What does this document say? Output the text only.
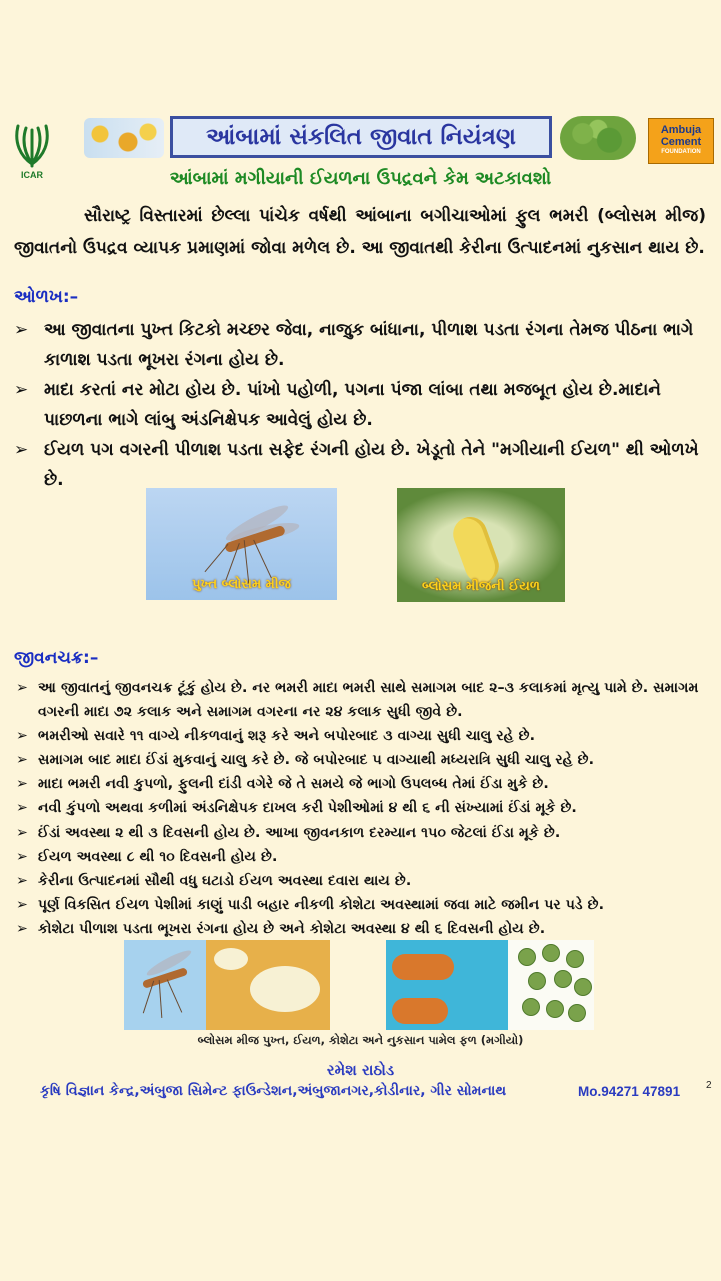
ICAR
આંબામાં સંકલિત જીવાત નિયંત્રણ	Ambuja
Cement
FOUNDATION
આંબામાં મગીયાની ઈયળના ઉપદ્રવને કેમ અટકાવશો
સૌરાષ્ટ્ર વિસ્તારમાં છેલ્લા પાંચેક વર્ષથી આંબાના બગીચાઓમાં ફુલ ભમરી (બ્લોસમ મીજ) જીવાતનો ઉપદ્રવ વ્યાપક પ્રમાણમાં જોવા મળેલ છે. આ જીવાતથી કેરીના ઉત્પાદનમાં નુકસાન થાય છે.
ઓળખ:–
➢ આ જીવાતના પુખ્ત કિટકો મચ્છર જેવા, નાજુક બાંધાના, પીળાશ પડતા રંગના તેમજ પીઠના ભાગે કાળાશ પડતા ભૂખરા રંગના હોય છે.
➢ માદા કરતાં નર મોટા હોય છે. પાંખો પહોળી, પગના પંજા લાંબા તથા મજબૂત હોય છે.માદાને પાછળના ભાગે લાંબુ અંડનિક્ષેપક આવેલું હોય છે.
➢ ઈયળ પગ વગરની પીળાશ પડતા સફેદ રંગની હોય છે. ખેડૂતો તેને "મગીયાની ઈયળ" થી ઓળખે છે.
પુખ્ત બ્લોસમ મીજ	બ્લોસમ મીજની ઈયળ
જીવનચક્ર:–
➢ આ જીવાતનું જીવનચક્ર ટૂંકું હોય છે. નર ભમરી માદા ભમરી સાથે સમાગમ બાદ ૨–૩ કલાકમાં મૃત્યુ પામે છે. સમાગમ વગરની માદા ૭૨ કલાક અને સમાગમ વગરના નર ૨૪ કલાક સુધી જીવે છે.
➢ ભમરીઓ સવારે ૧૧ વાગ્યે નીકળવાનું શરૂ કરે અને બપોરબાદ ૩ વાગ્યા સુધી ચાલુ રહે છે.
➢ સમાગમ બાદ માદા ઈંડાં મુકવાનું ચાલુ કરે છે. જે બપોરબાદ ૫ વાગ્યાથી મધ્યરાત્રિ સુધી ચાલુ રહે છે.
➢ માદા ભમરી નવી કુપળો, ફુલની દાંડી વગેરે જે તે સમયે જે ભાગો ઉપલબ્ધ તેમાં ઈંડા મુકે છે.
➢ નવી કુંપળો અથવા કળીમાં અંડનિક્ષેપક દાખલ કરી પેશીઓમાં ૪ થી ૬ ની સંખ્યામાં ઈંડાં મૂકે છે.
➢ ઈંડાં અવસ્થા ૨ થી ૩ દિવસની હોય છે. આખા જીવનકાળ દરમ્યાન ૧૫૦ જેટલાં ઈંડા મૂકે છે.
➢ ઈયળ અવસ્થા ૮ થી ૧૦ દિવસની હોય છે.
➢ કેરીના ઉત્પાદનમાં સૌથી વધુ ઘટાડો ઈયળ અવસ્થા દવારા થાય છે.
➢ પૂર્ણ વિકસિત ઈયળ પેશીમાં કાણું પાડી બહાર નીકળી કોશેટા અવસ્થામાં જવા માટે જમીન પર પડે છે.
➢ કોશેટા પીળાશ પડતા ભૂખરા રંગના હોય છે અને કોશેટા અવસ્થા ૪ થી ૬ દિવસની હોય છે.
બ્લોસમ મીજ પુખ્ત, ઈયળ, કોશેટા અને નુકસાન પામેલ ફળ (મગીયો)
રમેશ રાઠોડ
કૃષિ વિજ્ઞાન કેન્દ્ર,અંબુજા સિમેન્ટ ફાઉન્ડેશન,અંબુજાનગર,કોડીનાર, ગીર સોમનાથ	Mo.94271 47891	2
